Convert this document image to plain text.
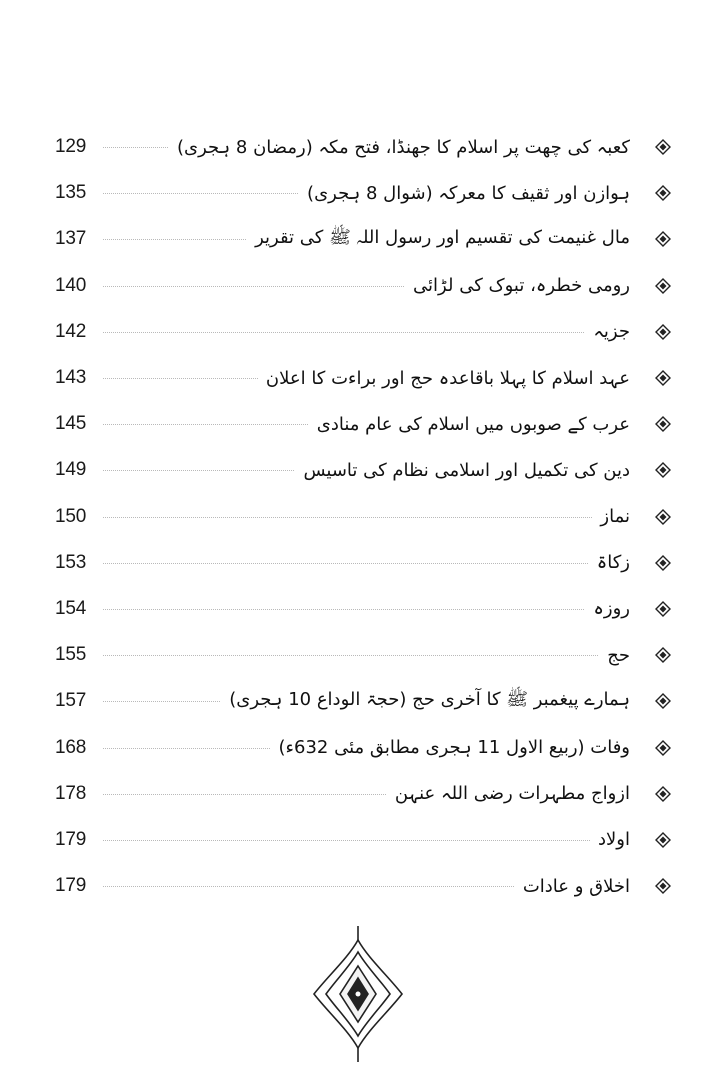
129	کعبہ کی چھت پر اسلام کا جھنڈا، فتح مکہ (رمضان 8 ہجری)
135	ہوازن اور ثقیف کا معرکہ (شوال 8 ہجری)
137	مال غنیمت کی تقسیم اور رسول اللہ ﷺ کی تقریر
140	رومی خطرہ، تبوک کی لڑائی
142	جزیہ
143	عہد اسلام کا پہلا باقاعدہ حج اور براءت کا اعلان
145	عرب کے صوبوں میں اسلام کی عام منادی
149	دین کی تکمیل اور اسلامی نظام کی تاسیس
150	نماز
153	زکاۃ
154	روزہ
155	حج
157	ہمارے پیغمبر ﷺ کا آخری حج (حجۃ الوداع 10 ہجری)
168	وفات (ربیع الاول 11 ہجری مطابق مئی 632ء)
178	ازواج مطہرات رضی اللہ عنہن
179	اولاد
179	اخلاق و عادات
